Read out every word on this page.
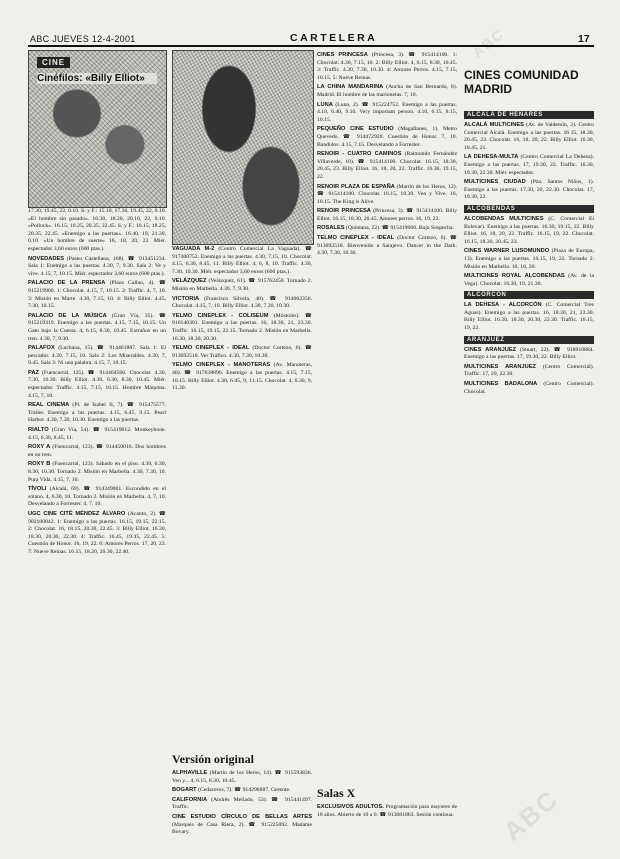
ABC JUEVES 12-4-2001	CARTELERA	17
CINE
Cinéfilos: «Billy Elliot»

17.30, 19.45, 22, 0.10. S. y F.: 15.10, 17.30, 19.45, 22, 0.10. «El hombre sin pasado». 16.30, 18.20, 20.10, 22, 0.10. «Pollock». 16.15, 18.25, 20.35, 22.45. S. y F.: 16.15, 18.25, 20.35, 22.45. «Enemigo a las puertas». 16.40, 19, 21.30, 0.10. «Un hombre de suerte» 16, 18, 20, 22. Miér. espectador 3,60 euros (600 ptas.).

NOVEDADES (Paseo Castellana, 168). ☎ 913451234. Sala 1: Enemigo a las puertas. 4.30, 7, 9.30. Sala 2: Ve y vive. 4.15, 7, 10.15. Miér. espectador 3,60 euros (600 ptas.).

PALACIO DE LA PRENSA (Plaza Callao, 4). ☎ 915219900. 1: Chocolat. 4.15, 7, 10.15. 2: Traffic. 4, 7, 10. 3: Misión en Marte. 4.30, 7.15, 10. 4: Billy Elliot. 4.45, 7.30, 10.15.

PALACIO DE LA MÚSICA (Gran Vía, 35). ☎ 915219319. Enemigo a las puertas. 4.15, 7.15, 10.15. Un Gato bajo la Cuesta. 4, 6.15, 8.30, 10.45. Extraños en un tren. 4.30, 7, 9.30.

PALAFOX (Luchana, 15). ☎ 914461887. Sala 1: El pescador. 4.30, 7.15, 10. Sala 2: Los Miserables. 4.30, 7, 9.45. Sala 3: Ni una palabra. 4.15, 7, 10.15.

PAZ (Fuencarral, 125). ☎ 914464566. Chocolat. 4.30, 7.30, 10.30. Billy Elliot. 4.30, 6.30, 8.30, 10.45. Miér. espectador. Traffic. 4.15, 7.15, 10.15. Hombre Máquina. 4.15, 7, 10.

REAL CINEMA (Pl. de Isabel II, 7). ☎ 915475577. Tráiler. Enemigo a las puertas. 4.15, 6.45, 9.15. Pearl Harbor. 4.30, 7.30, 10.30. Enemigo a las puertas.

RIALTO (Gran Vía, 54). ☎ 915419012. Monkeybone. 4.15, 6.30, 8.45, 11.

ROXY A (Fuencarral, 123). ☎ 914450016. Dos hombres en un tren.

ROXY B (Fuencarral, 123). Sábado en el piso. 4.30, 6.30, 8.30, 10.30. Tornado 2. Misión en Marbella. 4.30, 7.30, 10. Pura Vida. 4.15, 7, 10.

TÍVOLI (Alcalá, 69). ☎ 914349001. Escondido en el sótano. 4, 6.30, 10. Tornado 2. Misión en Marbella. 4, 7, 10. Desvelando a Forrester. 4, 7, 10.

UGC CINE CITÉ MÉNDEZ ÁLVARO (Acanto, 2). ☎ 902100842. 1: Enemigo a las puertas. 16.15, 19.15, 22.15. 2: Chocolat. 16, 18.15, 20.30, 22.45. 3: Billy Elliot. 16.30, 18.30, 20.30, 22.30. 4: Traffic. 16.45, 19.45, 22.45. 5: Cuestión de Honor. 16, 19, 22. 6: Amores Perros. 17, 20, 23. 7: Nueve Reinas. 16.15, 18.20, 20.30, 22.40.

VAGUADA M-2 (Centro Comercial La Vaguada). ☎ 917300752. Enemigo a las puertas. 4.30, 7.15, 10. Chocolat. 4.15, 6.30, 8.45, 11. Billy Elliot. 4, 6, 8, 10. Traffic. 4.30, 7.30, 10.30. Miér. espectador 3,60 euros (600 ptas.).

VELÁZQUEZ (Velázquez, 61). ☎ 915762450. Tornado 2. Misión en Marbella. 4.30, 7, 9.30.

VICTORIA (Francisco Silvela, 48). ☎ 914062356. Chocolat. 4.15, 7, 10. Billy Elliot. 4.30, 7.30, 10.30.

YELMO CINEPLEX - COLISEUM (Móstoles). ☎ 916140301. Enemigo a las puertas. 16, 18.30, 21, 23.30. Traffic. 16.15, 19.15, 22.15. Tornado 2. Misión en Marbella. 16.30, 18.30, 20.30.

YELMO CINEPLEX - IDEAL (Doctor Cortezo, 6). ☎ 913692518. Ver Tráfico. 4.30, 7.30, 10.30.

YELMO CINEPLEX - MANOTERAS (Av. Manoteras, 40). ☎ 917638896. Enemigo a las puertas. 4.15, 7.15, 10.15. Billy Elliot. 4.30, 6.45, 9, 11.15. Chocolat. 4, 6.30, 9, 11.30.

Versión original

ALPHAVILLE (Martín de los Heros, 14). ☎ 915593836. Ven y... 4, 6.15, 8.30, 10.45.

BOGART (Cedaceros, 7). ☎ 914298887. Gerente.

CALIFORNIA (Andrés Mellado, 53). ☎ 915441497. Traffic.

CINE ESTUDIO CÍRCULO DE BELLAS ARTES (Marqués de Casa Riera, 2). ☎ 915225092. Madame Bovary.

CINES PRINCESA (Princesa, 3). ☎ 915414100. 1: Chocolat. 4.30, 7.15, 10. 2: Billy Elliot. 4, 6.15, 8.30, 10.45. 3: Traffic. 4.30, 7.30, 10.30. 4: Amores Perros. 4.15, 7.15, 10.15. 5: Nueve Reinas.

LA CHINA MANDARINA (Ancha de San Bernardo, 8). Madrid. El hombre de las marionetas. 7, 10.

LUNA (Luna, 2). ☎ 915224752. Enemigo a las puertas. 4.10, 6.40, 9.10. Very important person. 4.10, 6.15, 8.15, 10.15.

PEQUEÑO CINE ESTUDIO (Magallanes, 1). Metro Quevedo. ☎ 914472920. Cuestión de Honor. 7, 10. Bandidos. 4.15, 7.15. Desvelando a Forrester.

RENOIR - CUATRO CAMINOS (Raimundo Fernández Villaverde, 10). ☎ 915414100. Chocolat. 16.15, 18.30, 20.45, 23. Billy Elliot. 16, 18, 20, 22. Traffic. 16.30, 19.15, 22.

RENOIR PLAZA DE ESPAÑA (Martín de los Heros, 12). ☎ 915414100. Chocolat. 16.15, 18.30. Ven y Vive. 16, 18.15. The King is Alive.

RENOIR PRINCESA (Princesa, 3). ☎ 915414100. Billy Elliot. 16.15, 18.30, 20.45. Amores perros. 16, 19, 22.

ROSALES (Quintana, 22). ☎ 915419060. Bajo Sospecha.

TELMO CINEPLEX - IDEAL (Doctor Cortezo, 6). ☎ 913692518. Bienvenido a Sarajevo. Dancer in the Dark. 4.30, 7.30, 10.30.

Salas X

EXCLUSIVOS ADULTOS. Programación para mayores de 18 años. Abierto de 10 a 0. ☎ 913681863. Sesión continua.

CINES COMUNIDAD MADRID
ALCALÁ DE HENARES

ALCALÁ MULTICINES (Av. de Valdemín, 2). Centro Comercial Alcalá. Enemigo a las puertas. 16.15, 18.30, 20.45, 23. Chocolat. 16, 18, 20, 22. Billy Elliot. 16.30, 18.45, 21.

LA DEHESA-MULTA (Centro Comercial La Dehesa). Enemigo a las puertas. 17, 19.30, 22. Traffic. 16.30, 19.30, 22.30. Miér. espectador.

MULTICINES CIUDAD (Pza. Santos Niños, 1). Enemigo a las puertas. 17.30, 20, 22.30. Chocolat. 17, 19.30, 22.

ALCOBENDAS

ALCOBENDAS MULTICINES (C. Comercial El Bulevar). Enemigo a las puertas. 16.30, 19.15, 22. Billy Elliot. 16, 18, 20, 22. Traffic. 16.15, 19, 22. Chocolat. 16.15, 18.30, 20.45, 23.

CINES WARNER LUSOMUNDO (Plaza de Europa, 13). Enemigo a las puertas. 16.15, 19, 22. Tornado 2. Misión en Marbella. 16, 18, 20.

MULTICINES ROYAL ALCOBENDAS (Av. de la Vega). Chocolat. 16.30, 19, 21.30.

ALCORCÓN

LA DEHESA - ALCORCÓN (C. Comercial Tres Aguas). Enemigo a las puertas. 16, 18.30, 21, 23.30. Billy Elliot. 16.30, 18.30, 20.30, 22.30. Traffic. 16.15, 19, 22.

ARANJUEZ

CINES ARANJUEZ (Stuart, 22). ☎ 918910884. Enemigo a las puertas. 17, 19.30, 22. Billy Elliot.

MULTICINES ARANJUEZ (Centro Comercial). Traffic. 17, 20, 22.30.

MULTICINES BADALONA (Centro Comercial). Chocolat.

ABC
ABC
